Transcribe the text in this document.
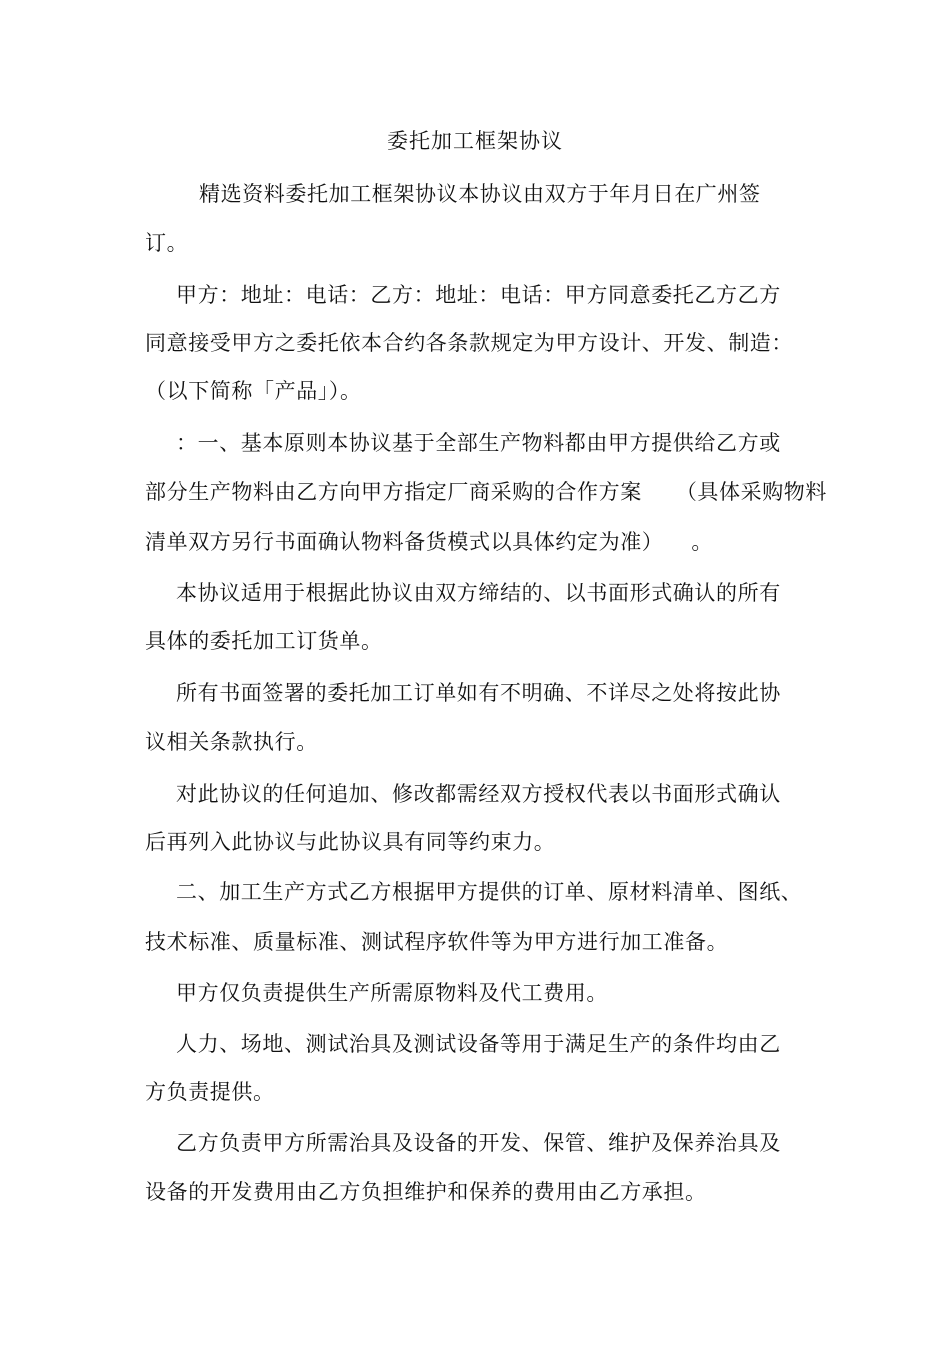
委托加工框架协议
精选资料委托加工框架协议本协议由双方于年月日在广州签
订。
甲方：地址：电话：乙方：地址：电话：甲方同意委托乙方乙方
同意接受甲方之委托依本合约各条款规定为甲方设计、开发、制造：
（以下简称「产品」）。
：一、基本原则本协议基于全部生产物料都由甲方提供给乙方或
部分生产物料由乙方向甲方指定厂商采购的合作方案 （具体采购物料
清单双方另行书面确认物料备货模式以具体约定为准） 。
本协议适用于根据此协议由双方缔结的、以书面形式确认的所有
具体的委托加工订货单。
所有书面签署的委托加工订单如有不明确、不详尽之处将按此协
议相关条款执行。
对此协议的任何追加、修改都需经双方授权代表以书面形式确认
后再列入此协议与此协议具有同等约束力。
二、加工生产方式乙方根据甲方提供的订单、原材料清单、图纸、
技术标准、质量标准、测试程序软件等为甲方进行加工准备。
甲方仅负责提供生产所需原物料及代工费用。
人力、场地、测试治具及测试设备等用于满足生产的条件均由乙
方负责提供。
乙方负责甲方所需治具及设备的开发、保管、维护及保养治具及
设备的开发费用由乙方负担维护和保养的费用由乙方承担。
